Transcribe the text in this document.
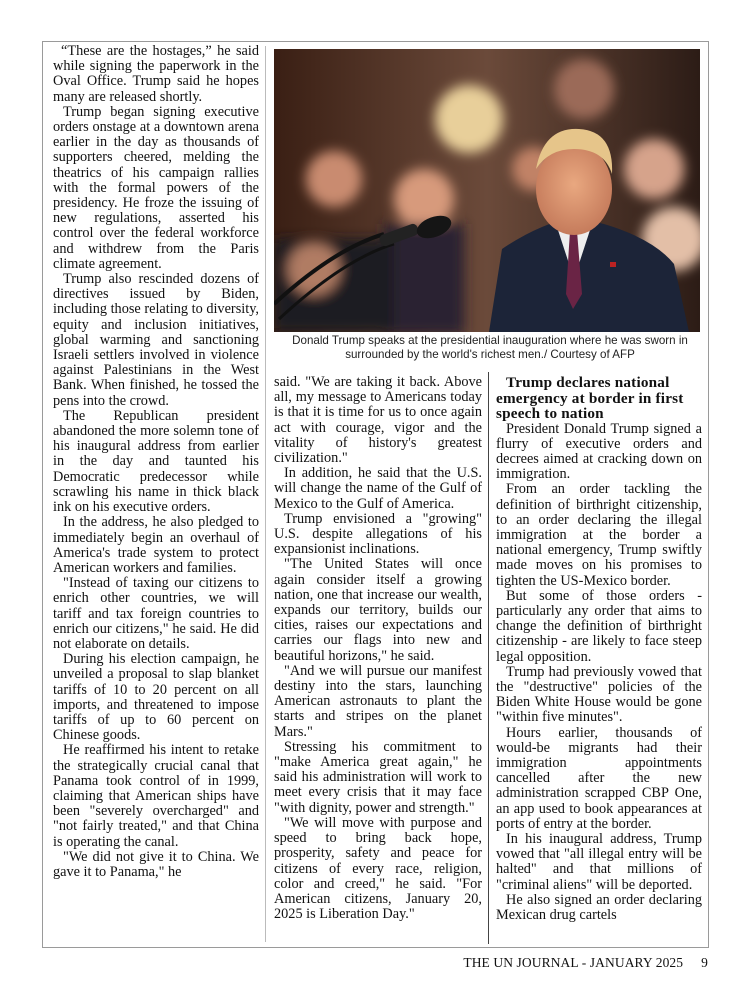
“These are the hostages,” he said while signing the paperwork in the Oval Office. Trump said he hopes many are released shortly.

Trump began signing executive orders onstage at a downtown arena earlier in the day as thousands of supporters cheered, melding the theatrics of his campaign rallies with the formal powers of the presidency. He froze the issuing of new regulations, asserted his control over the federal workforce and withdrew from the Paris climate agreement.

Trump also rescinded dozens of directives issued by Biden, including those relating to diversity, equity and inclusion initiatives, global warming and sanctioning Israeli settlers involved in violence against Palestinians in the West Bank. When finished, he tossed the pens into the crowd.

The Republican president abandoned the more solemn tone of his inaugural address from earlier in the day and taunted his Democratic predecessor while scrawling his name in thick black ink on his executive orders.

In the address, he also pledged to immediately begin an overhaul of America's trade system to protect American workers and families.

"Instead of taxing our citizens to enrich other countries, we will tariff and tax foreign countries to enrich our citizens," he said. He did not elaborate on details.

During his election campaign, he unveiled a proposal to slap blanket tariffs of 10 to 20 percent on all imports, and threatened to impose tariffs of up to 60 percent on Chinese goods.

He reaffirmed his intent to retake the strategically crucial canal that Panama took control of in 1999, claiming that American ships have been "severely overcharged" and "not fairly treated," and that China is operating the canal.

"We did not give it to China. We gave it to Panama," he

Donald Trump speaks at the presidential inauguration where he was sworn in surrounded by the world's richest men./ Courtesy of AFP

said. "We are taking it back. Above all, my message to Americans today is that it is time for us to once again act with courage, vigor and the vitality of history's greatest civilization."

In addition, he said that the U.S. will change the name of the Gulf of Mexico to the Gulf of America.

Trump envisioned a "growing" U.S. despite allegations of his expansionist inclinations.

"The United States will once again consider itself a growing nation, one that increase our wealth, expands our territory, builds our cities, raises our expectations and carries our flags into new and beautiful horizons," he said.

"And we will pursue our manifest destiny into the stars, launching American astronauts to plant the starts and stripes on the planet Mars."

Stressing his commitment to "make America great again," he said his administration will work to meet every crisis that it may face "with dignity, power and strength."

"We will move with purpose and speed to bring back hope, prosperity, safety and peace for citizens of every race, religion, color and creed," he said. "For American citizens, January 20, 2025 is Liberation Day."

Trump declares national emergency at border in first speech to nation

President Donald Trump signed a flurry of executive orders and decrees aimed at cracking down on immigration.

From an order tackling the definition of birthright citizenship, to an order declaring the illegal immigration at the border a national emergency, Trump swiftly made moves on his promises to tighten the US-Mexico border.

But some of those orders - particularly any order that aims to change the definition of birthright citizenship - are likely to face steep legal opposition.

Trump had previously vowed that the "destructive" policies of the Biden White House would be gone "within five minutes".

Hours earlier, thousands of would-be migrants had their immigration appointments cancelled after the new administration scrapped CBP One, an app used to book appearances at ports of entry at the border.

In his inaugural address, Trump vowed that "all illegal entry will be halted" and that millions of "criminal aliens" will be deported.

He also signed an order declaring Mexican drug cartels

THE UN JOURNAL - JANUARY 2025 9
